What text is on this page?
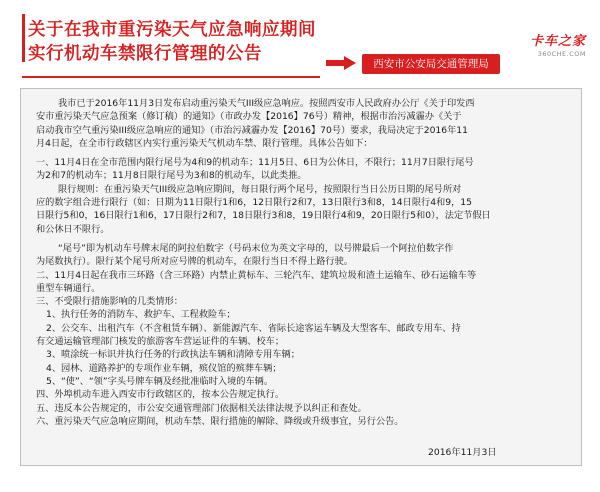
关于在我市重污染天气应急响应期间
实行机动车禁限行管理的公告	西安市公安局交通管理局
卡车之家
360CHE.COM

我市已于2016年11月3日发布启动重污染天气III级应急响应。按照西安市人民政府办公厅《关于印发西

安市重污染天气应急预案（修订稿）的通知》（市政办发【2016】76号）精神，根据市治污减霾办《关于

启动我市空气重污染III级应急响应的通知》（市治污减霾办发【2016】70号）要求，我局决定于2016年11

月4日起，在全市行政辖区内实行重污染天气机动车禁、限行管理。具体公告如下：

一、11月4日在全市范围内限行尾号为4和9的机动车；11月5日、6日为公休日，不限行；11月7日限行尾号

为2和7的机动车；11月8日限行尾号为3和8的机动车，以此类推。

限行规则：在重污染天气III级应急响应期间，每日限行两个尾号，按照限行当日公历日期的尾号所对

应的数字组合进行限行（如：日期为11日限行1和6，12日限行2和7，13日限行3和8，14日限行4和9，15

日限行5和0，16日限行1和6，17日限行2和7，18日限行3和8，19日限行4和9，20日限行5和0），法定节假日

和公休日不限行。

“尾号”即为机动车号牌末尾的阿拉伯数字（号码末位为英文字母的，以号牌最后一个阿拉伯数字作

为尾数执行）。限行某个尾号所对应号牌的机动车，在限行当日不得上路行驶。

二、11月4日起在我市三环路（含三环路）内禁止黄标车、三轮汽车、建筑垃圾和渣土运输车、砂石运输车等

重型车辆通行。

三、不受限行措施影响的几类情形：

1、执行任务的消防车、救护车、工程救险车；

2、公交车、出租汽车（不含租赁车辆）、新能源汽车、省际长途客运车辆及大型客车、邮政专用车、持

有交通运输管理部门核发的旅游客车营运证件的车辆、校车；

3、喷涂统一标识并执行任务的行政执法车辆和清障专用车辆；

4、园林、道路养护的专项作业车辆，殡仪馆的殡葬车辆；

5、“使”、“领”字头号牌车辆及经批准临时入境的车辆。

四、外埠机动车进入西安市行政辖区的，按本公告规定执行。

五、违反本公告规定的，市公安交通管理部门依据相关法律法规予以纠正和查处。

六、重污染天气应急响应期间，机动车禁、限行措施的解除、降级或升级事宜，另行公告。

2016年11月3日
